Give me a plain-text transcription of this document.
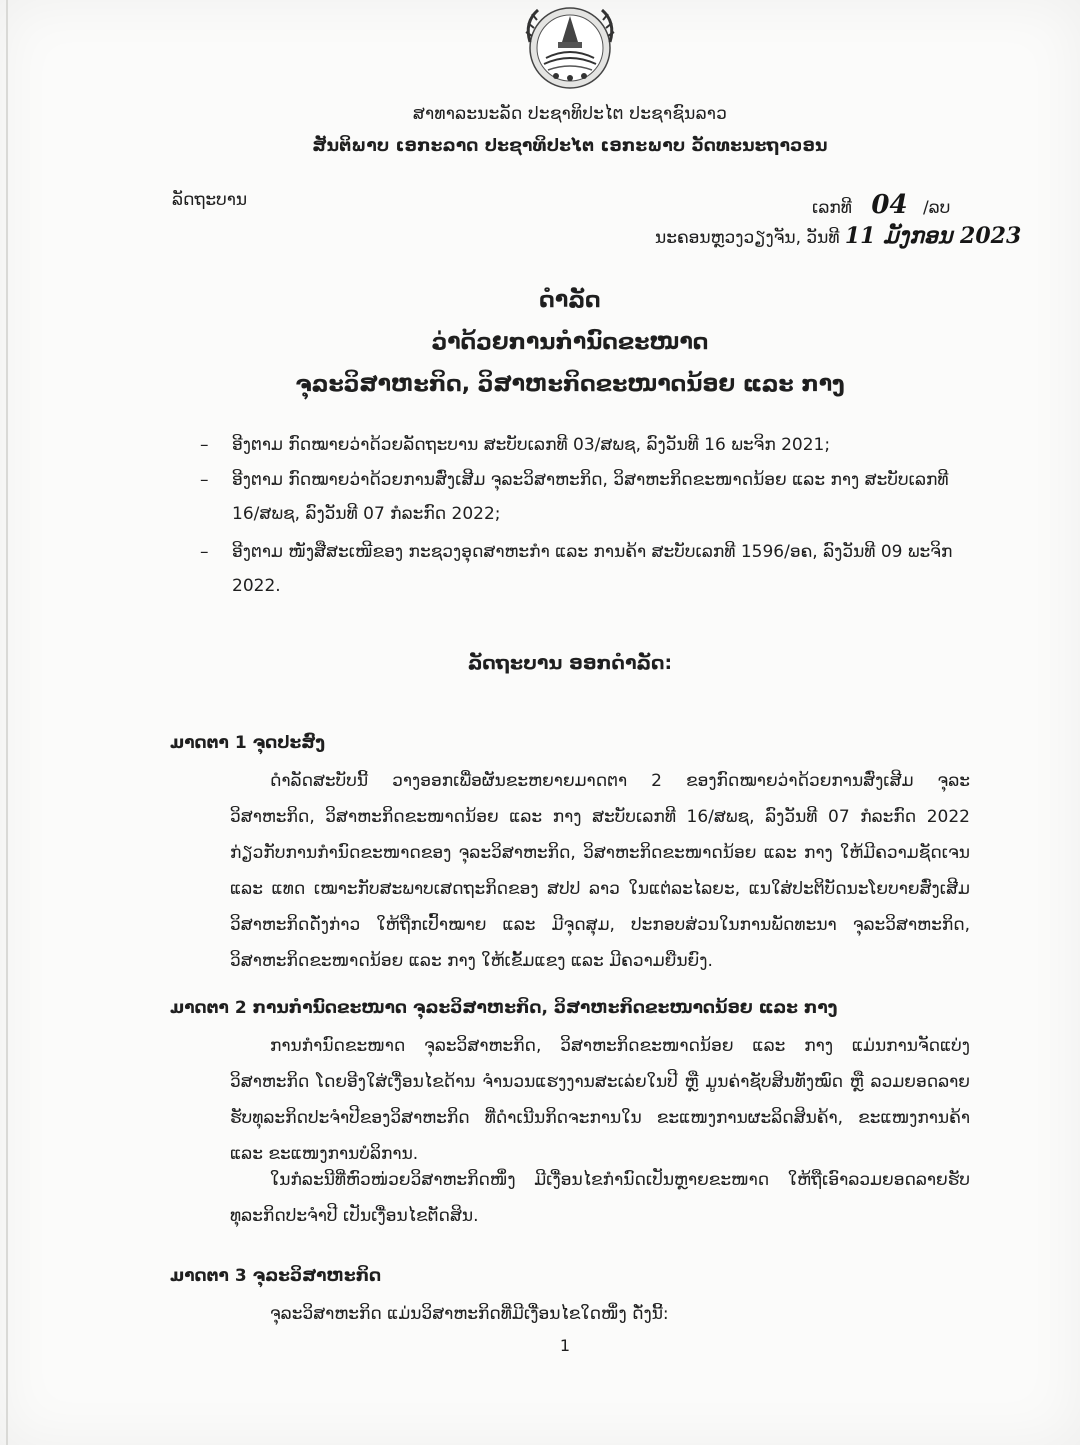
ສາທາລະນະລັດ ປະຊາທິປະໄຕ ປະຊາຊົນລາວ
ສັນຕິພາບ ເອກະລາດ ປະຊາທິປະໄຕ ເອກະພາບ ວັດທະນະຖາວອນ
ລັດຖະບານ	ເລກທີ 04 /ລບ
ນະຄອນຫຼວງວຽງຈັນ, ວັນທີ 11 ມັງກອນ 2023
ດຳລັດ
ວ່າດ້ວຍການກຳນົດຂະໜາດ
ຈຸລະວິສາຫະກິດ, ວິສາຫະກິດຂະໜາດນ້ອຍ ແລະ ກາງ
– ອີງຕາມ ກົດໝາຍວ່າດ້ວຍລັດຖະບານ ສະບັບເລກທີ 03/ສພຊ, ລົງວັນທີ 16 ພະຈິກ 2021;
– ອີງຕາມ ກົດໝາຍວ່າດ້ວຍການສົ່ງເສີມ ຈຸລະວິສາຫະກິດ, ວິສາຫະກິດຂະໜາດນ້ອຍ ແລະ ກາງ ສະບັບເລກທີ 16/ສພຊ, ລົງວັນທີ 07 ກໍລະກົດ 2022;
– ອີງຕາມ ໜັງສືສະເໜີຂອງ ກະຊວງອຸດສາຫະກຳ ແລະ ການຄ້າ ສະບັບເລກທີ 1596/ອຄ, ລົງວັນທີ 09 ພະຈິກ 2022.
ລັດຖະບານ ອອກດຳລັດ:
ມາດຕາ 1 ຈຸດປະສົງ

ດຳລັດສະບັບນີ້ ວາງອອກເພື່ອຜັນຂະຫຍາຍມາດຕາ 2 ຂອງກົດໝາຍວ່າດ້ວຍການສົ່ງເສີມ ຈຸລະວິສາຫະກິດ, ວິສາຫະກິດຂະໜາດນ້ອຍ ແລະ ກາງ ສະບັບເລກທີ 16/ສພຊ, ລົງວັນທີ 07 ກໍລະກົດ 2022 ກ່ຽວກັບການກຳນົດຂະໜາດຂອງ ຈຸລະວິສາຫະກິດ, ວິສາຫະກິດຂະໜາດນ້ອຍ ແລະ ກາງ ໃຫ້ມີຄວາມຊັດເຈນ ແລະ ແທດ ເໝາະກັບສະພາບເສດຖະກິດຂອງ ສປປ ລາວ ໃນແຕ່ລະໄລຍະ, ແນໃສ່ປະຕິບັດນະໂຍບາຍສົ່ງເສີມວິສາຫະກິດດັ່ງກ່າວ ໃຫ້ຖືກເປົ້າໝາຍ ແລະ ມີຈຸດສຸມ, ປະກອບສ່ວນໃນການພັດທະນາ ຈຸລະວິສາຫະກິດ, ວິສາຫະກິດຂະໜາດນ້ອຍ ແລະ ກາງ ໃຫ້ເຂັ້ມແຂງ ແລະ ມີຄວາມຍືນຍົງ.

ມາດຕາ 2 ການກຳນົດຂະໜາດ ຈຸລະວິສາຫະກິດ, ວິສາຫະກິດຂະໜາດນ້ອຍ ແລະ ກາງ

ການກຳນົດຂະໜາດ ຈຸລະວິສາຫະກິດ, ວິສາຫະກິດຂະໜາດນ້ອຍ ແລະ ກາງ ແມ່ນການຈັດແບ່ງວິສາຫະກິດ ໂດຍອີງໃສ່ເງື່ອນໄຂດ້ານ ຈຳນວນແຮງງານສະເລ່ຍໃນປີ ຫຼື ມູນຄ່າຊັບສິນທັງໝົດ ຫຼື ລວມຍອດລາຍຮັບທຸລະກິດປະຈຳປີຂອງວິສາຫະກິດ ທີ່ດຳເນີນກິດຈະການໃນ ຂະແໜງການຜະລິດສິນຄ້າ, ຂະແໜງການຄ້າ ແລະ ຂະແໜງການບໍລິການ.

ໃນກໍລະນີທີ່ຫົວໜ່ວຍວິສາຫະກິດໜຶ່ງ ມີເງື່ອນໄຂກຳນົດເປັນຫຼາຍຂະໜາດ ໃຫ້ຖືເອົາລວມຍອດລາຍຮັບທຸລະກິດປະຈຳປີ ເປັນເງື່ອນໄຂຕັດສິນ.

ມາດຕາ 3 ຈຸລະວິສາຫະກິດ

ຈຸລະວິສາຫະກິດ ແມ່ນວິສາຫະກິດທີ່ມີເງື່ອນໄຂໃດໜຶ່ງ ດັ່ງນີ້:

1
